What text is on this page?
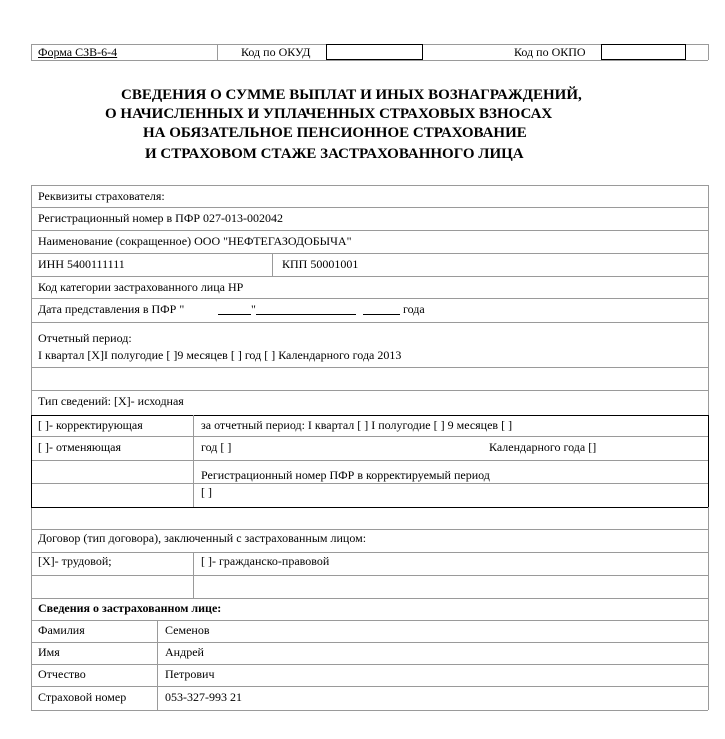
Форма СЗВ-6-4	Код по ОКУД	Код по ОКПО
СВЕДЕНИЯ О СУММЕ ВЫПЛАТ И ИНЫХ ВОЗНАГРАЖДЕНИЙ,
О НАЧИСЛЕННЫХ И УПЛАЧЕННЫХ СТРАХОВЫХ ВЗНОСАХ
НА ОБЯЗАТЕЛЬНОЕ ПЕНСИОННОЕ СТРАХОВАНИЕ
И СТРАХОВОМ СТАЖЕ ЗАСТРАХОВАННОГО ЛИЦА
Реквизиты страхователя:
Регистрационный номер в ПФР 027-013-002042
Наименование (сокращенное) ООО "НЕФТЕГАЗОДОБЫЧА"
ИНН 5400111111	КПП 50001001
Код категории застрахованного лица НР
Дата представления в ПФР "	"	года
Отчетный период:
I квартал [X]I полугодие [ ]9 месяцев [ ] год [ ] Календарного года 2013
Тип сведений: [X]- исходная
[ ]- корректирующая	за отчетный период: I квартал [ ] I полугодие [ ] 9 месяцев [ ]
[ ]- отменяющая	год [ ]	Календарного года []
Регистрационный номер ПФР в корректируемый период
[ ]
Договор (тип договора), заключенный с застрахованным лицом:
[X]- трудовой;	[ ]- гражданско-правовой
Сведения о застрахованном лице:
Фамилия	Семенов
Имя	Андрей
Отчество	Петрович
Страховой номер	053-327-993 21
